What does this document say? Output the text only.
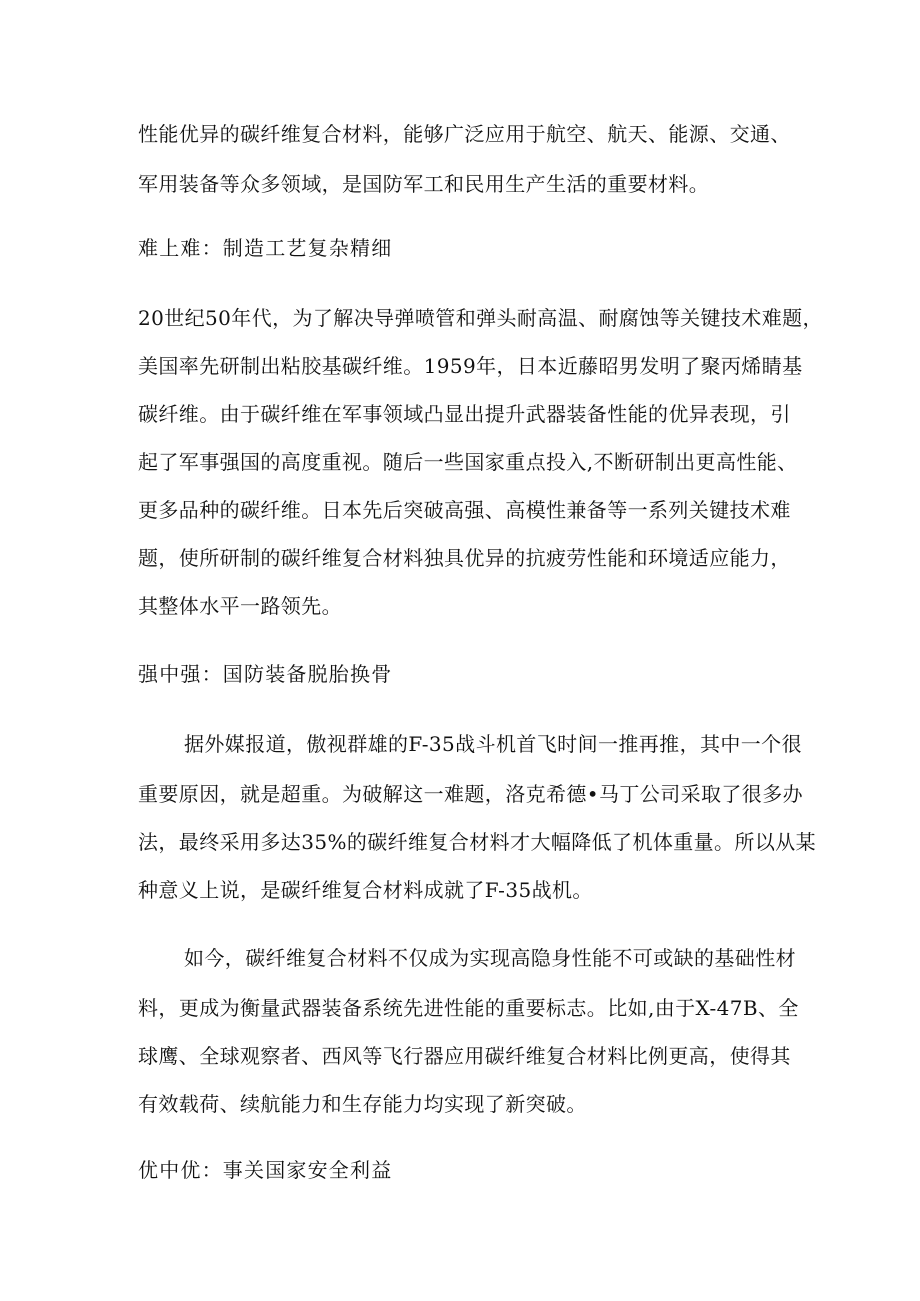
性能优异的碳纤维复合材料，能够广泛应用于航空、航天、能源、交通、
军用装备等众多领域，是国防军工和民用生产生活的重要材料。
难上难：制造工艺复杂精细
20世纪50年代，为了解决导弹喷管和弹头耐高温、耐腐蚀等关键技术难题，
美国率先研制出粘胶基碳纤维。1959年，日本近藤昭男发明了聚丙烯睛基
碳纤维。由于碳纤维在军事领域凸显出提升武器装备性能的优异表现，引
起了军事强国的高度重视。随后一些国家重点投入,不断研制出更高性能、
更多品种的碳纤维。日本先后突破高强、高模性兼备等一系列关键技术难
题，使所研制的碳纤维复合材料独具优异的抗疲劳性能和环境适应能力，
其整体水平一路领先。
强中强：国防装备脱胎换骨
据外媒报道，傲视群雄的F-35战斗机首飞时间一推再推，其中一个很
重要原因，就是超重。为破解这一难题，洛克希德•马丁公司采取了很多办
法，最终采用多达35%的碳纤维复合材料才大幅降低了机体重量。所以从某
种意义上说，是碳纤维复合材料成就了F-35战机。
如今，碳纤维复合材料不仅成为实现高隐身性能不可或缺的基础性材
料，更成为衡量武器装备系统先进性能的重要标志。比如,由于X-47B、全
球鹰、全球观察者、西风等飞行器应用碳纤维复合材料比例更高，使得其
有效载荷、续航能力和生存能力均实现了新突破。
优中优：事关国家安全利益
